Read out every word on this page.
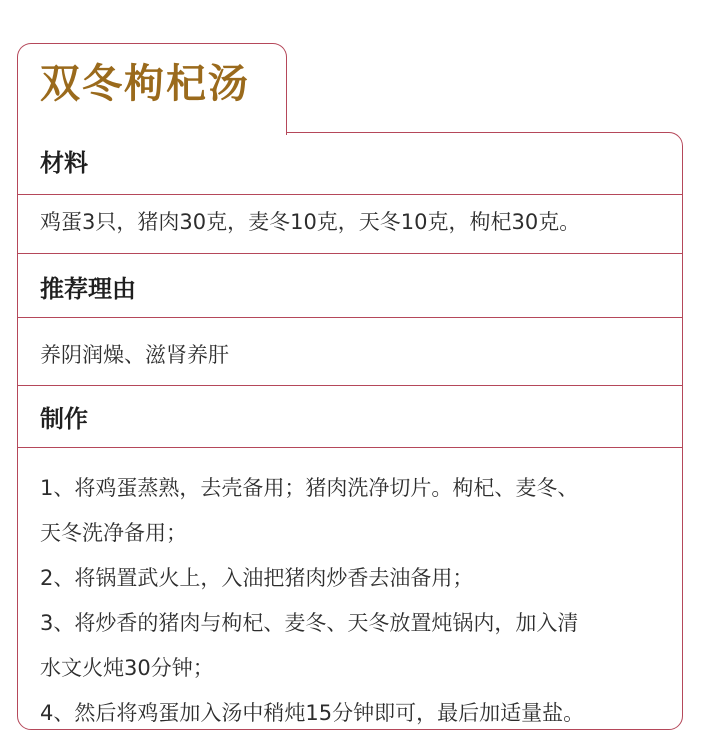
双冬枸杞汤
材料
鸡蛋3只，猪肉30克，麦冬10克，天冬10克，枸杞30克。
推荐理由
养阴润燥、滋肾养肝
制作
1、将鸡蛋蒸熟，去壳备用；猪肉洗净切片。枸杞、麦冬、
天冬洗净备用；
2、将锅置武火上，入油把猪肉炒香去油备用；
3、将炒香的猪肉与枸杞、麦冬、天冬放置炖锅内，加入清
水文火炖30分钟；
4、然后将鸡蛋加入汤中稍炖15分钟即可，最后加适量盐。
